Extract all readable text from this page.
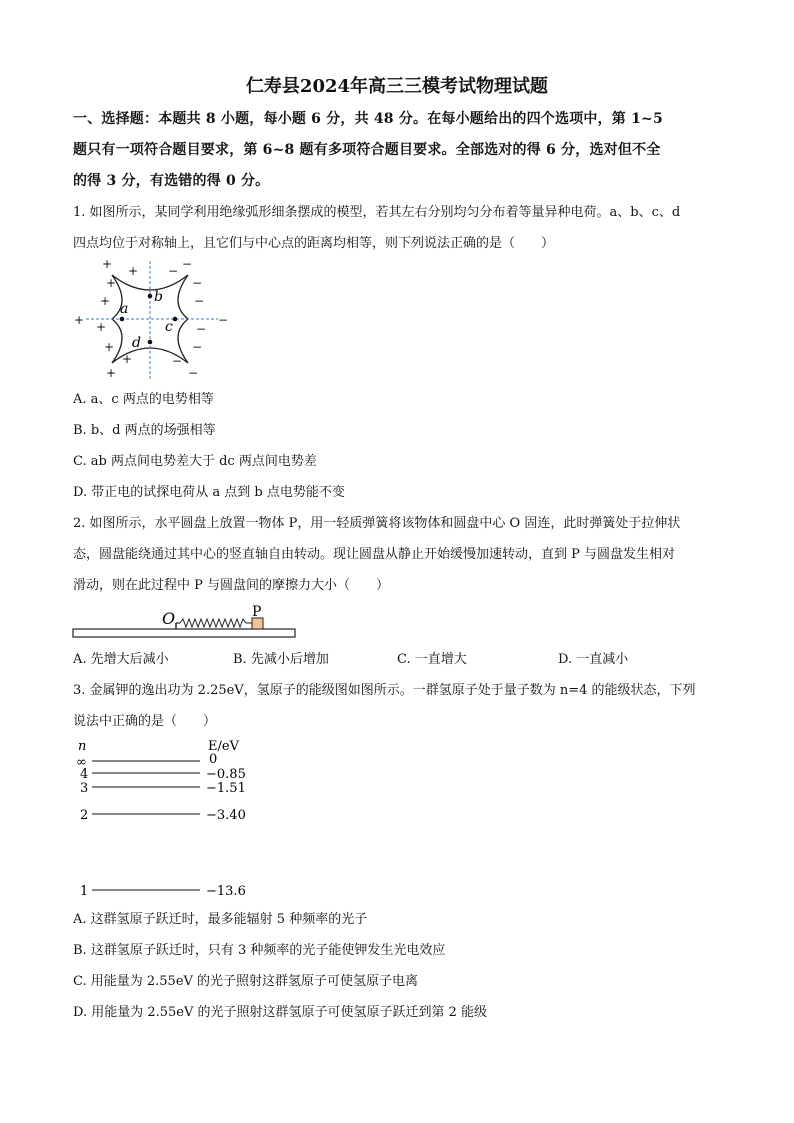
仁寿县2024年高三三模考试物理试题
一、选择题：本题共 8 小题，每小题 6 分，共 48 分。在每小题给出的四个选项中，第 1~5
题只有一项符合题目要求，第 6~8 题有多项符合题目要求。全部选对的得 6 分，选对但不全
的得 3 分，有选错的得 0 分。
1. 如图所示，某同学利用绝缘弧形细条摆成的模型，若其左右分别均匀分布着等量异种电荷。a、b、c、d
四点均位于对称轴上，且它们与中心点的距离均相等，则下列说法正确的是（　　）
a
b
c
d
+ +
+
+
+ +
+
+
+
−
−
−
−
−
−
−
−
−
A. a、c 两点的电势相等
B. b、d 两点的场强相等
C. ab 两点间电势差大于 dc 两点间电势差
D. 带正电的试探电荷从 a 点到 b 点电势能不变
2. 如图所示，水平圆盘上放置一物体 P，用一轻质弹簧将该物体和圆盘中心 O 固连，此时弹簧处于拉伸状
态，圆盘能绕通过其中心的竖直轴自由转动。现让圆盘从静止开始缓慢加速转动，直到 P 与圆盘发生相对
滑动，则在此过程中 P 与圆盘间的摩擦力大小（　　）
O	P
A. 先增大后减小	B. 先减小后增加	C. 一直增大	D. 一直减小
3. 金属钾的逸出功为 2.25eV，氢原子的能级图如图所示。一群氢原子处于量子数为 n=4 的能级状态，下列
说法中正确的是（　　）
n	E/eV
∞	0
4	−0.85
3	−1.51
2	−3.40
1	−13.6
A. 这群氢原子跃迁时，最多能辐射 5 种频率的光子
B. 这群氢原子跃迁时，只有 3 种频率的光子能使钾发生光电效应
C. 用能量为 2.55eV 的光子照射这群氢原子可使氢原子电离
D. 用能量为 2.55eV 的光子照射这群氢原子可使氢原子跃迁到第 2 能级
